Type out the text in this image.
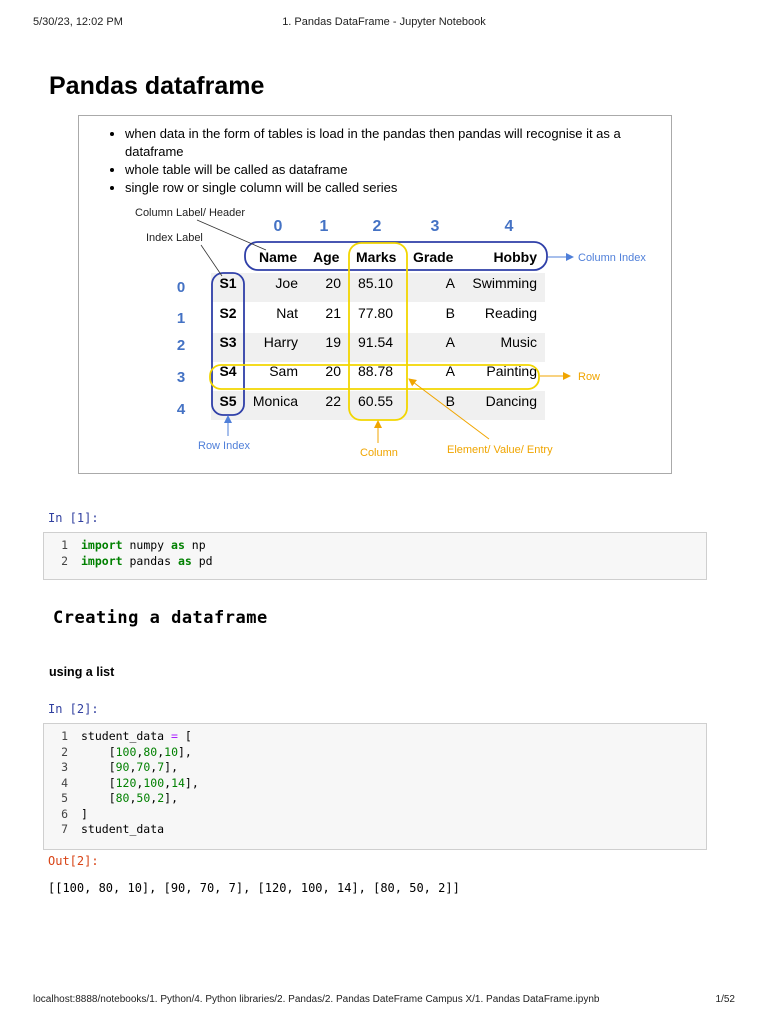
5/30/23, 12:02 PM	1. Pandas DataFrame - Jupyter Notebook
Pandas dataframe
• when data in the form of tables is load in the pandas then pandas will recognise it as a dataframe
• whole table will be called as dataframe
• single row or single column will be called series
0 1	2	3	4
0
1
2
3
4
Name Age Marks Grade	Hobby
S1	Joe 20 85.10	A Swimming
S2	Nat 21 77.80	B Reading
S3 Harry 19 91.54	A	Music
S4 Sam 20 88.78	A Painting
S5 Monica 22 60.55	B Dancing
Column Label/ Header
Index Label
Column Index
Row
Row Index
Column	Element/ Value/ Entry
In [1]:
1	import numpy as np
2	import pandas as pd
Creating a dataframe
using a list
In [2]:
1	student_data = [
2	[ 100 , 80 , 10 ],
3	[ 90 , 70 , 7 ],
4	[ 120 , 100 , 14 ],
5	[ 80 , 50 , 2 ],
6	]
7	student_data
Out[2]:
[[100, 80, 10], [90, 70, 7], [120, 100, 14], [80, 50, 2]]
localhost:8888/notebooks/1. Python/4. Python libraries/2. Pandas/2. Pandas DateFrame Campus X/1. Pandas DataFrame.ipynb	1/52
